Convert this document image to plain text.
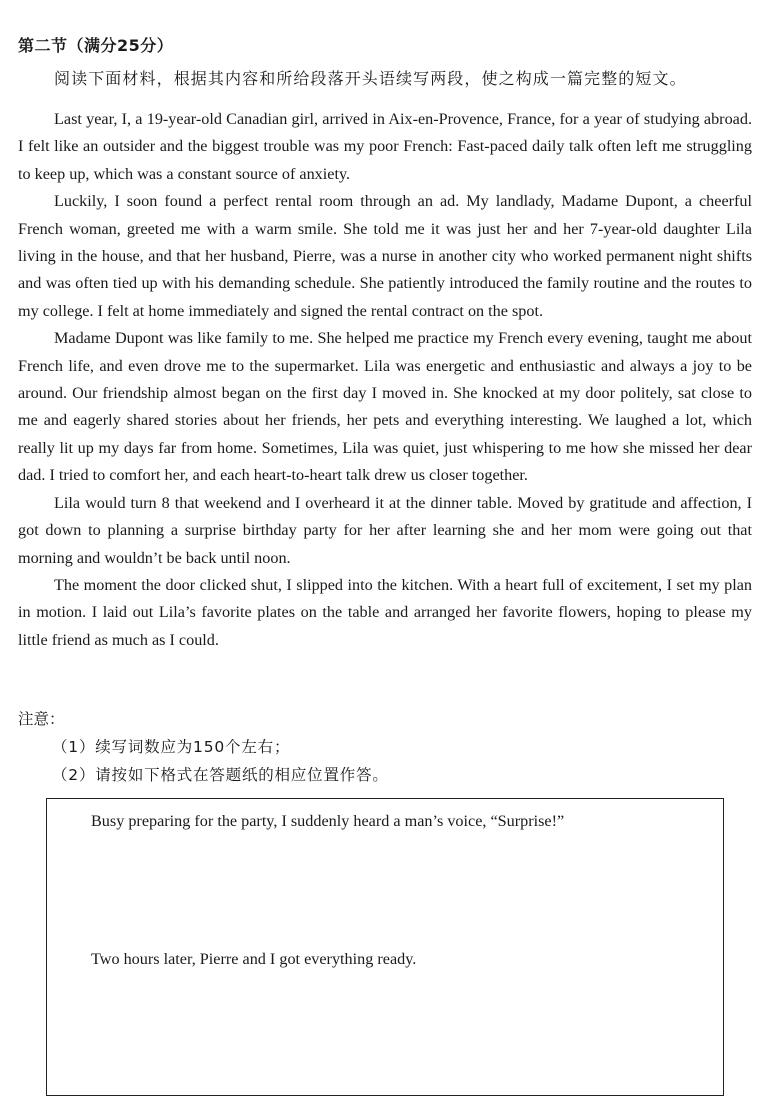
第二节（满分25分）
阅读下面材料，根据其内容和所给段落开头语续写两段，使之构成一篇完整的短文。

Last year, I, a 19-year-old Canadian girl, arrived in Aix-en-Provence, France, for a year of studying abroad. I felt like an outsider and the biggest trouble was my poor French: Fast-paced daily talk often left me struggling to keep up, which was a constant source of anxiety.

Luckily, I soon found a perfect rental room through an ad. My landlady, Madame Dupont, a cheerful French woman, greeted me with a warm smile. She told me it was just her and her 7-year-old daughter Lila living in the house, and that her husband, Pierre, was a nurse in another city who worked permanent night shifts and was often tied up with his demanding schedule. She patiently introduced the family routine and the routes to my college. I felt at home immediately and signed the rental contract on the spot.

Madame Dupont was like family to me. She helped me practice my French every evening, taught me about French life, and even drove me to the supermarket. Lila was energetic and enthusiastic and always a joy to be around. Our friendship almost began on the first day I moved in. She knocked at my door politely, sat close to me and eagerly shared stories about her friends, her pets and everything interesting. We laughed a lot, which really lit up my days far from home. Sometimes, Lila was quiet, just whispering to me how she missed her dear dad. I tried to comfort her, and each heart-to-heart talk drew us closer together.

Lila would turn 8 that weekend and I overheard it at the dinner table. Moved by gratitude and affection, I got down to planning a surprise birthday party for her after learning she and her mom were going out that morning and wouldn’t be back until noon.

The moment the door clicked shut, I slipped into the kitchen. With a heart full of excitement, I set my plan in motion. I laid out Lila’s favorite plates on the table and arranged her favorite flowers, hoping to please my little friend as much as I could.

注意：
（1）续写词数应为150个左右；
（2）请按如下格式在答题纸的相应位置作答。
Busy preparing for the party, I suddenly heard a man’s voice, “Surprise!”
Two hours later, Pierre and I got everything ready.
